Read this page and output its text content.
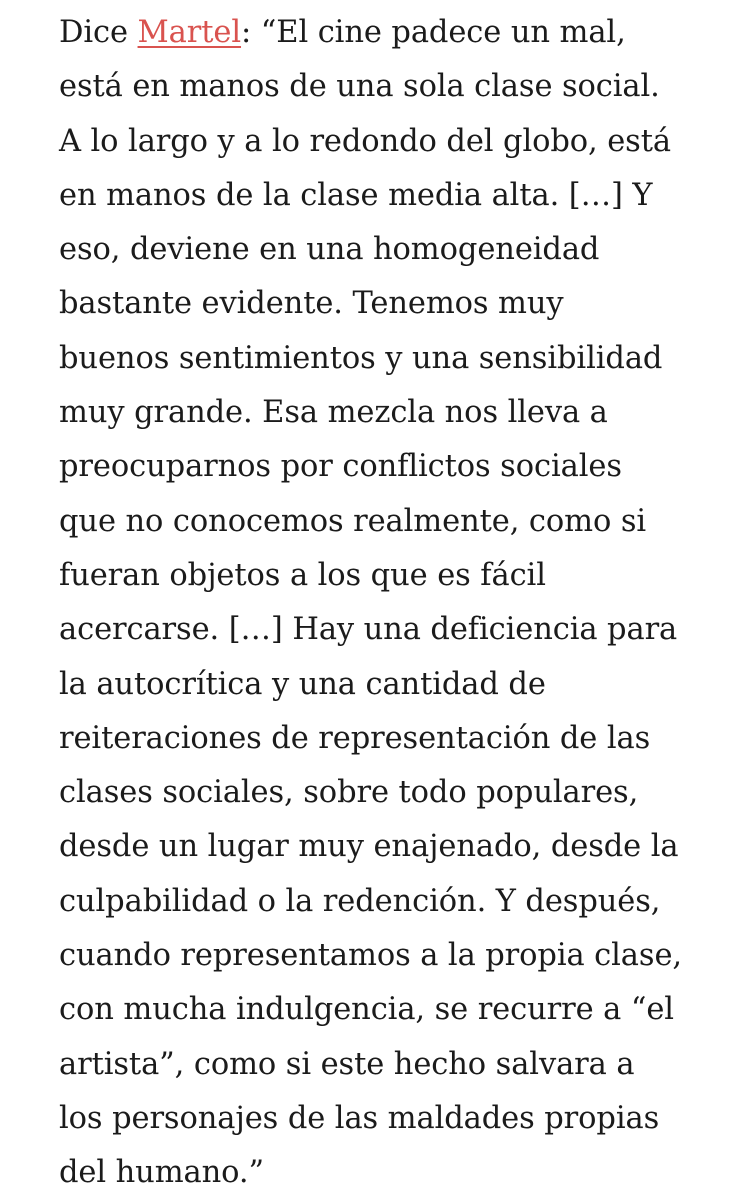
Dice Martel: “El cine padece un mal,
está en manos de una sola clase social.
A lo largo y a lo redondo del globo, está
en manos de la clase media alta. […] Y
eso, deviene en una homogeneidad
bastante evidente. Tenemos muy
buenos sentimientos y una sensibilidad
muy grande. Esa mezcla nos lleva a
preocuparnos por conflictos sociales
que no conocemos realmente, como si
fueran objetos a los que es fácil
acercarse. […] Hay una deficiencia para
la autocrítica y una cantidad de
reiteraciones de representación de las
clases sociales, sobre todo populares,
desde un lugar muy enajenado, desde la
culpabilidad o la redención. Y después,
cuando representamos a la propia clase,
con mucha indulgencia, se recurre a “el
artista”, como si este hecho salvara a
los personajes de las maldades propias
del humano.”
